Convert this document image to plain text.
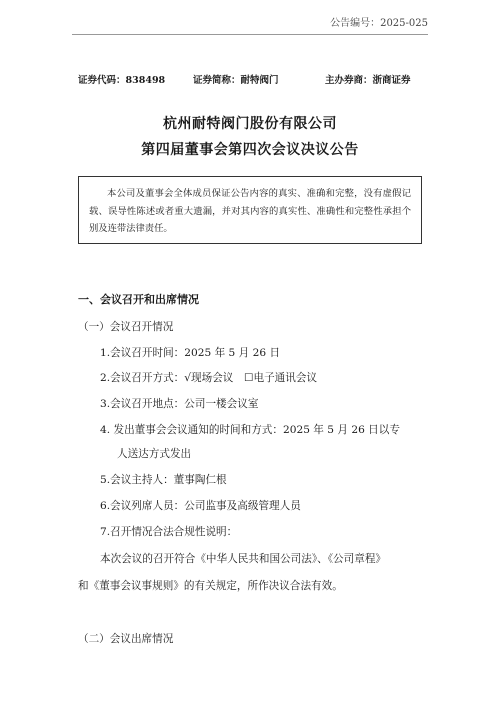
公告编号：2025-025
证券代码：838498	证券简称：耐特阀门	主办券商：浙商证券
杭州耐特阀门股份有限公司
第四届董事会第四次会议决议公告
本公司及董事会全体成员保证公告内容的真实、准确和完整，没有虚假记载、误导性陈述或者重大遗漏，并对其内容的真实性、准确性和完整性承担个别及连带法律责任。
一、会议召开和出席情况
（一）会议召开情况
1.会议召开时间：2025 年 5 月 26 日
2.会议召开方式：√现场会议　☐电子通讯会议
3.会议召开地点：公司一楼会议室
4. 发出董事会会议通知的时间和方式：2025 年 5 月 26 日以专
人送达方式发出
5.会议主持人：董事陶仁根
6.会议列席人员：公司监事及高级管理人员
7.召开情况合法合规性说明：
本次会议的召开符合《中华人民共和国公司法》、《公司章程》
和《董事会议事规则》的有关规定，所作决议合法有效。
（二）会议出席情况
